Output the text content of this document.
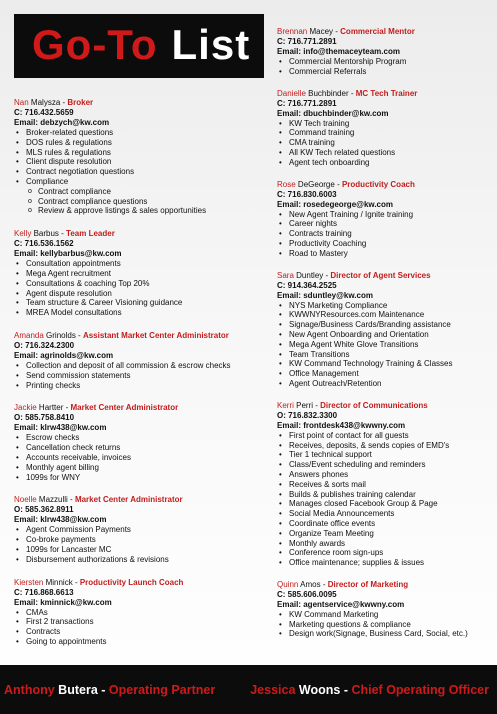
Go-To List
Nan Malysza - Broker
C: 716.432.5659
Email: debzych@kw.com
• Broker-related questions
• DOS rules & regulations
• MLS rules & regulations
• Client dispute resolution
• Contract negotiation questions
• Compliance
o Contract compliance
o Contract compliance questions
o Review & approve listings & sales opportunities
Kelly Barbus - Team Leader
C: 716.536.1562
Email: kellybarbus@kw.com
• Consultation appointments
• Mega Agent recruitment
• Consultations & coaching Top 20%
• Agent dispute resolution
• Team structure & Career Visioning guidance
• MREA Model consultations
Amanda Grinolds - Assistant Market Center Administrator
O: 716.324.2300
Email: agrinolds@kw.com
• Collection and deposit of all commission & escrow checks
• Send commission statements
• Printing checks
Jackie Hartter - Market Center Administrator
O: 585.758.8410
Email: klrw438@kw.com
• Escrow checks
• Cancellation check returns
• Accounts receivable, invoices
• Monthly agent billing
• 1099s for WNY
Noelle Mazzulli - Market Center Administrator
O: 585.362.8911
Email: klrw438@kw.com
• Agent Commission Payments
• Co-broke payments
• 1099s for Lancaster MC
• Disbursement authorizations & revisions
Kiersten Minnick - Productivity Launch Coach
C: 716.868.6613
Email: kminnick@kw.com
• CMAs
• First 2 transactions
• Contracts
• Going to appointments
Brennan Macey - Commercial Mentor
C: 716.771.2891
Email: info@themaceyteam.com
• Commercial Mentorship Program
• Commercial Referrals
Danielle Buchbinder - MC Tech Trainer
C: 716.771.2891
Email: dbuchbinder@kw.com
• KW Tech training
• Command training
• CMA training
• All KW Tech related questions
• Agent tech onboarding
Rose DeGeorge - Productivity Coach
C: 716.830.6003
Email: rosedegeorge@kw.com
• New Agent Training / Ignite training
• Career nights
• Contracts training
• Productivity Coaching
• Road to Mastery
Sara Duntley - Director of Agent Services
C: 914.364.2525
Email: sduntley@kw.com
• NYS Marketing Compliance
• KWWNYResources.com Maintenance
• Signage/Business Cards/Branding assistance
• New Agent Onboarding and Orientation
• Mega Agent White Glove Transitions
• Team Transitions
• KW Command Technology Training & Classes
• Office Management
• Agent Outreach/Retention
Kerri Perri - Director of Communications
O: 716.832.3300
Email: frontdesk438@kwwny.com
• First point of contact for all guests
• Receives, deposits, & sends copies of EMD's
• Tier 1 technical support
• Class/Event scheduling and reminders
• Answers phones
• Receives & sorts mail
• Builds & publishes training calendar
• Manages closed Facebook Group & Page
• Social Media Announcements
• Coordinate office events
• Organize Team Meeting
• Monthly awards
• Conference room sign-ups
• Office maintenance; supplies & issues
Quinn Amos - Director of Marketing
C: 585.606.0095
Email: agentservice@kwwny.com
• KW Command Marketing
• Marketing questions & compliance
• Design work(Signage, Business Card, Social, etc.)
Anthony Butera - Operating Partner	Jessica Woons - Chief Operating Officer
